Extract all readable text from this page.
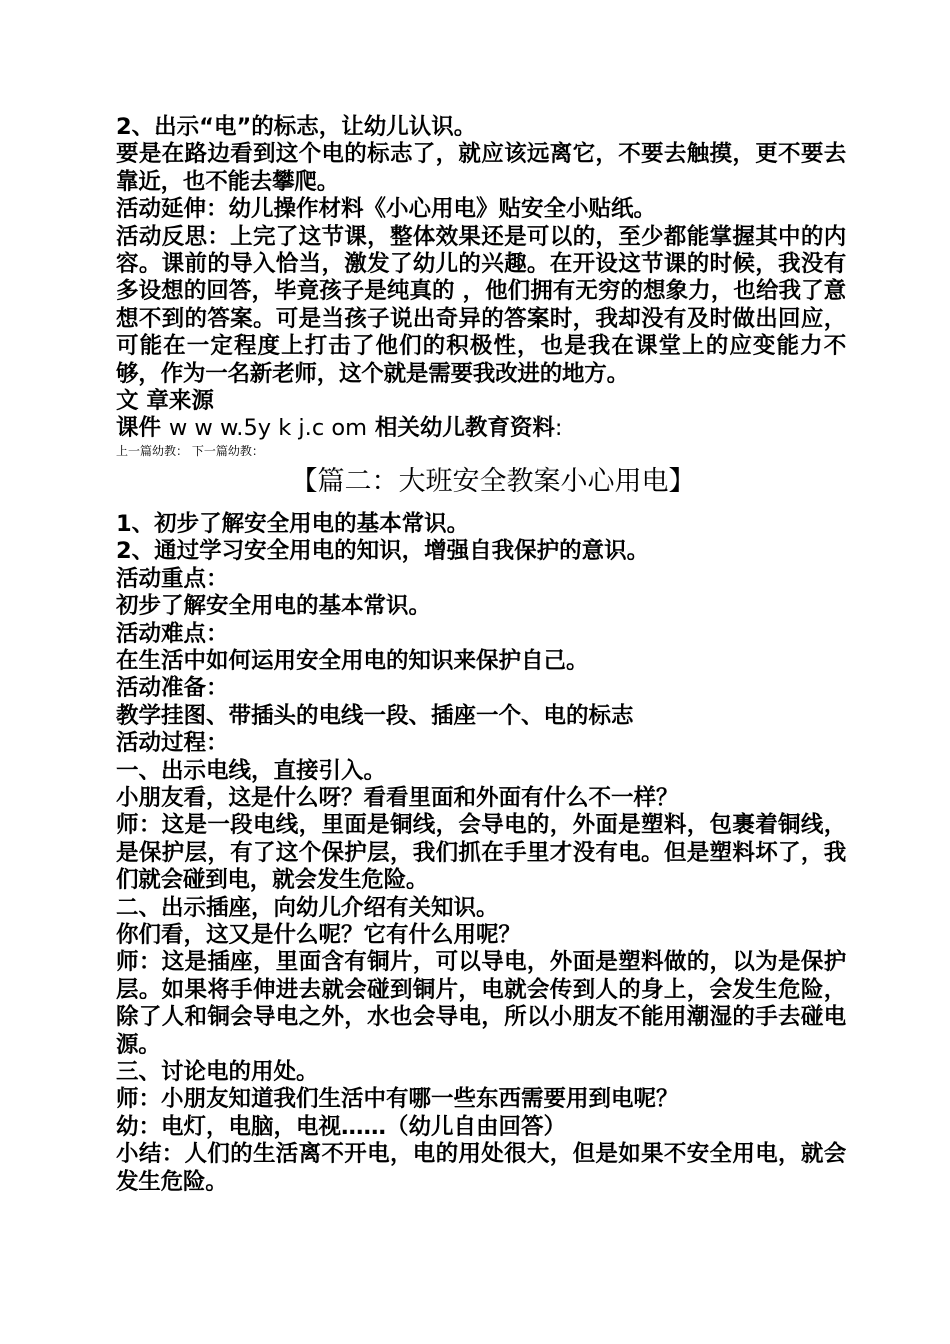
2、出示“电”的标志，让幼儿认识。
要是在路边看到这个电的标志了，就应该远离它，不要去触摸，更不要去靠近，也不能去攀爬。
活动延伸：幼儿操作材料《小心用电》贴安全小贴纸。
活动反思：上完了这节课，整体效果还是可以的，至少都能掌握其中的内容。课前的导入恰当，激发了幼儿的兴趣。在开设这节课的时候，我没有多设想的回答，毕竟孩子是纯真的 ，他们拥有无穷的想象力，也给我了意想不到的答案。可是当孩子说出奇异的答案时，我却没有及时做出回应，可能在一定程度上打击了他们的积极性，也是我在课堂上的应变能力不够，作为一名新老师，这个就是需要我改进的地方。
文 章来源
课件 w w w.5y k j.c om 相关幼儿教育资料:
上一篇幼教： 下一篇幼教：
【篇二：大班安全教案小心用电】
1、初步了解安全用电的基本常识。
2、通过学习安全用电的知识，增强自我保护的意识。
活动重点：
初步了解安全用电的基本常识。
活动难点：
在生活中如何运用安全用电的知识来保护自己。
活动准备：
教学挂图、带插头的电线一段、插座一个、电的标志
活动过程：
一、出示电线，直接引入。
小朋友看，这是什么呀？看看里面和外面有什么不一样？
师：这是一段电线，里面是铜线，会导电的，外面是塑料，包裹着铜线，是保护层，有了这个保护层，我们抓在手里才没有电。但是塑料坏了，我们就会碰到电，就会发生危险。
二、出示插座，向幼儿介绍有关知识。
你们看，这又是什么呢？它有什么用呢？
师：这是插座，里面含有铜片，可以导电，外面是塑料做的，以为是保护层。如果将手伸进去就会碰到铜片，电就会传到人的身上，会发生危险，除了人和铜会导电之外，水也会导电，所以小朋友不能用潮湿的手去碰电源。
三、讨论电的用处。
师：小朋友知道我们生活中有哪一些东西需要用到电呢？
幼：电灯，电脑，电视……（幼儿自由回答）
小结：人们的生活离不开电，电的用处很大，但是如果不安全用电，就会发生危险。
